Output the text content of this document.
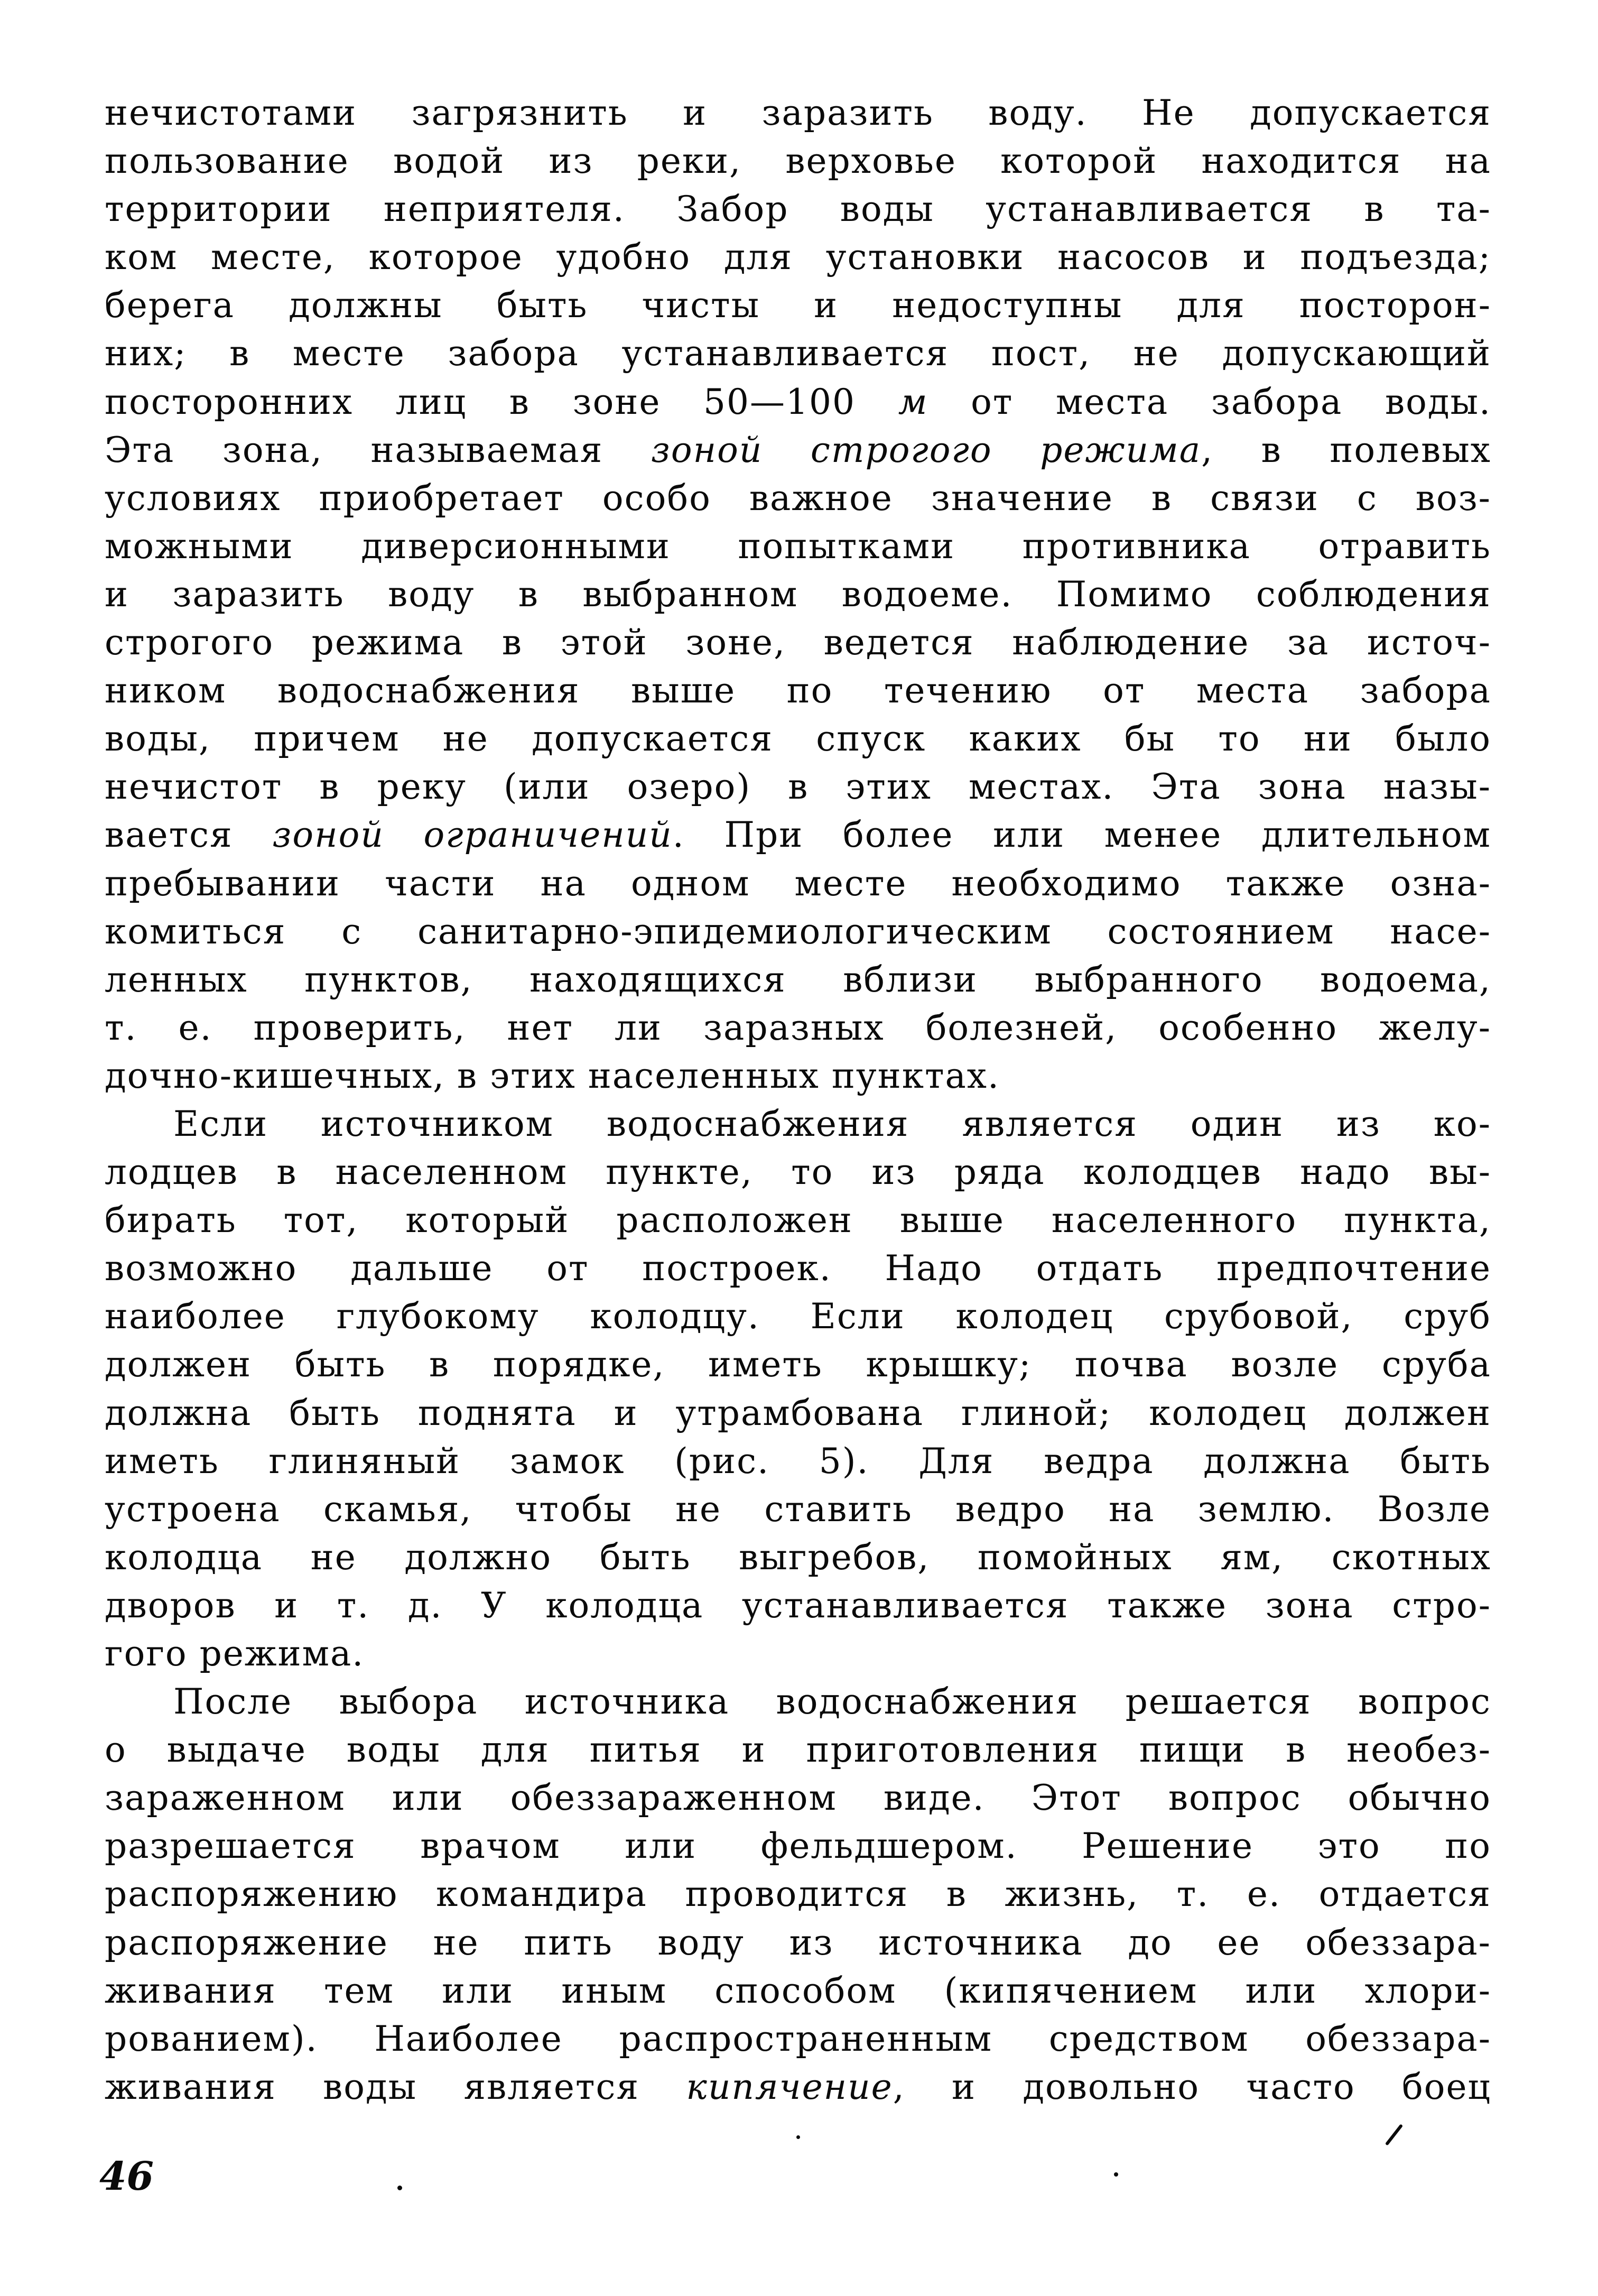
нечистотами загрязнить и заразить воду. Не допускается
пользование водой из реки, верховье которой находится на
территории неприятеля. Забор воды устанавливается в та-
ком месте, которое удобно для установки насосов и подъезда;
берега должны быть чисты и недоступны для посторон-
них; в месте забора устанавливается пост, не допускающий
посторонних лиц в зоне 50—100 м от места забора воды.
Эта зона, называемая зоной строгого режима, в полевых
условиях приобретает особо важное значение в связи с воз-
можными диверсионными попытками противника отравить
и заразить воду в выбранном водоеме. Помимо соблюдения
строгого режима в этой зоне, ведется наблюдение за источ-
ником водоснабжения выше по течению от места забора
воды, причем не допускается спуск каких бы то ни было
нечистот в реку (или озеро) в этих местах. Эта зона назы-
вается зоной ограничений. При более или менее длительном
пребывании части на одном месте необходимо также озна-
комиться с санитарно-эпидемиологическим состоянием насе-
ленных пунктов, находящихся вблизи выбранного водоема,
т. е. проверить, нет ли заразных болезней, особенно желу-
дочно-кишечных, в этих населенных пунктах.
Если источником водоснабжения является один из ко-
лодцев в населенном пункте, то из ряда колодцев надо вы-
бирать тот, который расположен выше населенного пункта,
возможно дальше от построек. Надо отдать предпочтение
наиболее глубокому колодцу. Если колодец срубовой, сруб
должен быть в порядке, иметь крышку; почва возле сруба
должна быть поднята и утрамбована глиной; колодец должен
иметь глиняный замок (рис. 5). Для ведра должна быть
устроена скамья, чтобы не ставить ведро на землю. Возле
колодца не должно быть выгребов, помойных ям, скотных
дворов и т. д. У колодца устанавливается также зона стро-
гого режима.
После выбора источника водоснабжения решается вопрос
о выдаче воды для питья и приготовления пищи в необез-
зараженном или обеззараженном виде. Этот вопрос обычно
разрешается врачом или фельдшером. Решение это по
распоряжению командира проводится в жизнь, т. е. отдается
распоряжение не пить воду из источника до ее обеззара-
живания тем или иным способом (кипячением или хлори-
рованием). Наиболее распространенным средством обеззара-
живания воды является кипячение, и довольно часто боец
46
